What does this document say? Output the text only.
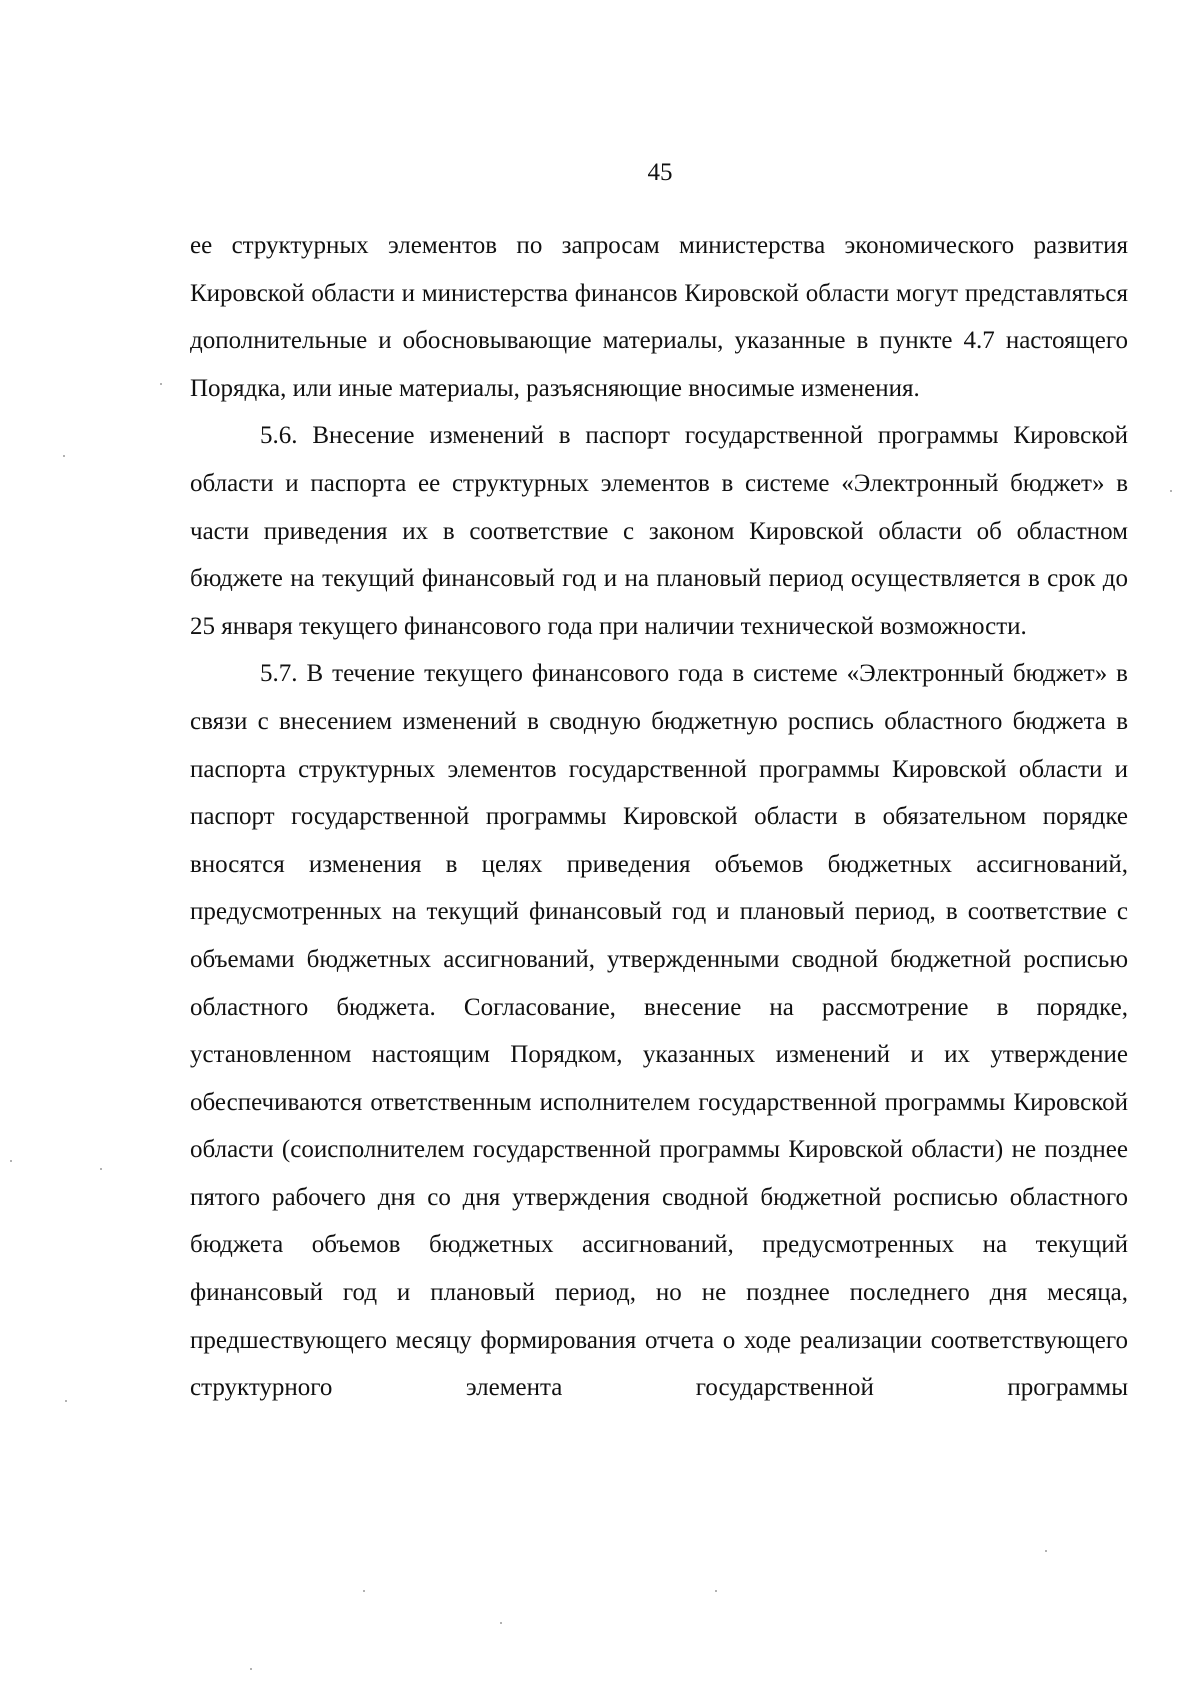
45

ее структурных элементов по запросам министерства экономического развития Кировской области и министерства финансов Кировской области могут представляться дополнительные и обосновывающие материалы, указанные в пункте 4.7 настоящего Порядка, или иные материалы, разъясняющие вносимые изменения.

5.6. Внесение изменений в паспорт государственной программы Кировской области и паспорта ее структурных элементов в системе «Электронный бюджет» в части приведения их в соответствие с законом Кировской области об областном бюджете на текущий финансовый год и на плановый период осуществляется в срок до 25 января текущего финансового года при наличии технической возможности.

5.7. В течение текущего финансового года в системе «Электронный бюджет» в связи с внесением изменений в сводную бюджетную роспись областного бюджета в паспорта структурных элементов государственной программы Кировской области и паспорт государственной программы Кировской области в обязательном порядке вносятся изменения в целях приведения объемов бюджетных ассигнований, предусмотренных на текущий финансовый год и плановый период, в соответствие с объемами бюджетных ассигнований, утвержденными сводной бюджетной росписью областного бюджета. Согласование, внесение на рассмотрение в порядке, установленном настоящим Порядком, указанных изменений и их утверждение обеспечиваются ответственным исполнителем государственной программы Кировской области (соисполнителем государственной программы Кировской области) не позднее пятого рабочего дня со дня утверждения сводной бюджетной росписью областного бюджета объемов бюджетных ассигнований, предусмотренных на текущий финансовый год и плановый период, но не позднее последнего дня месяца, предшествующего месяцу формирования отчета о ходе реализации соответствующего структурного элемента государственной программы
